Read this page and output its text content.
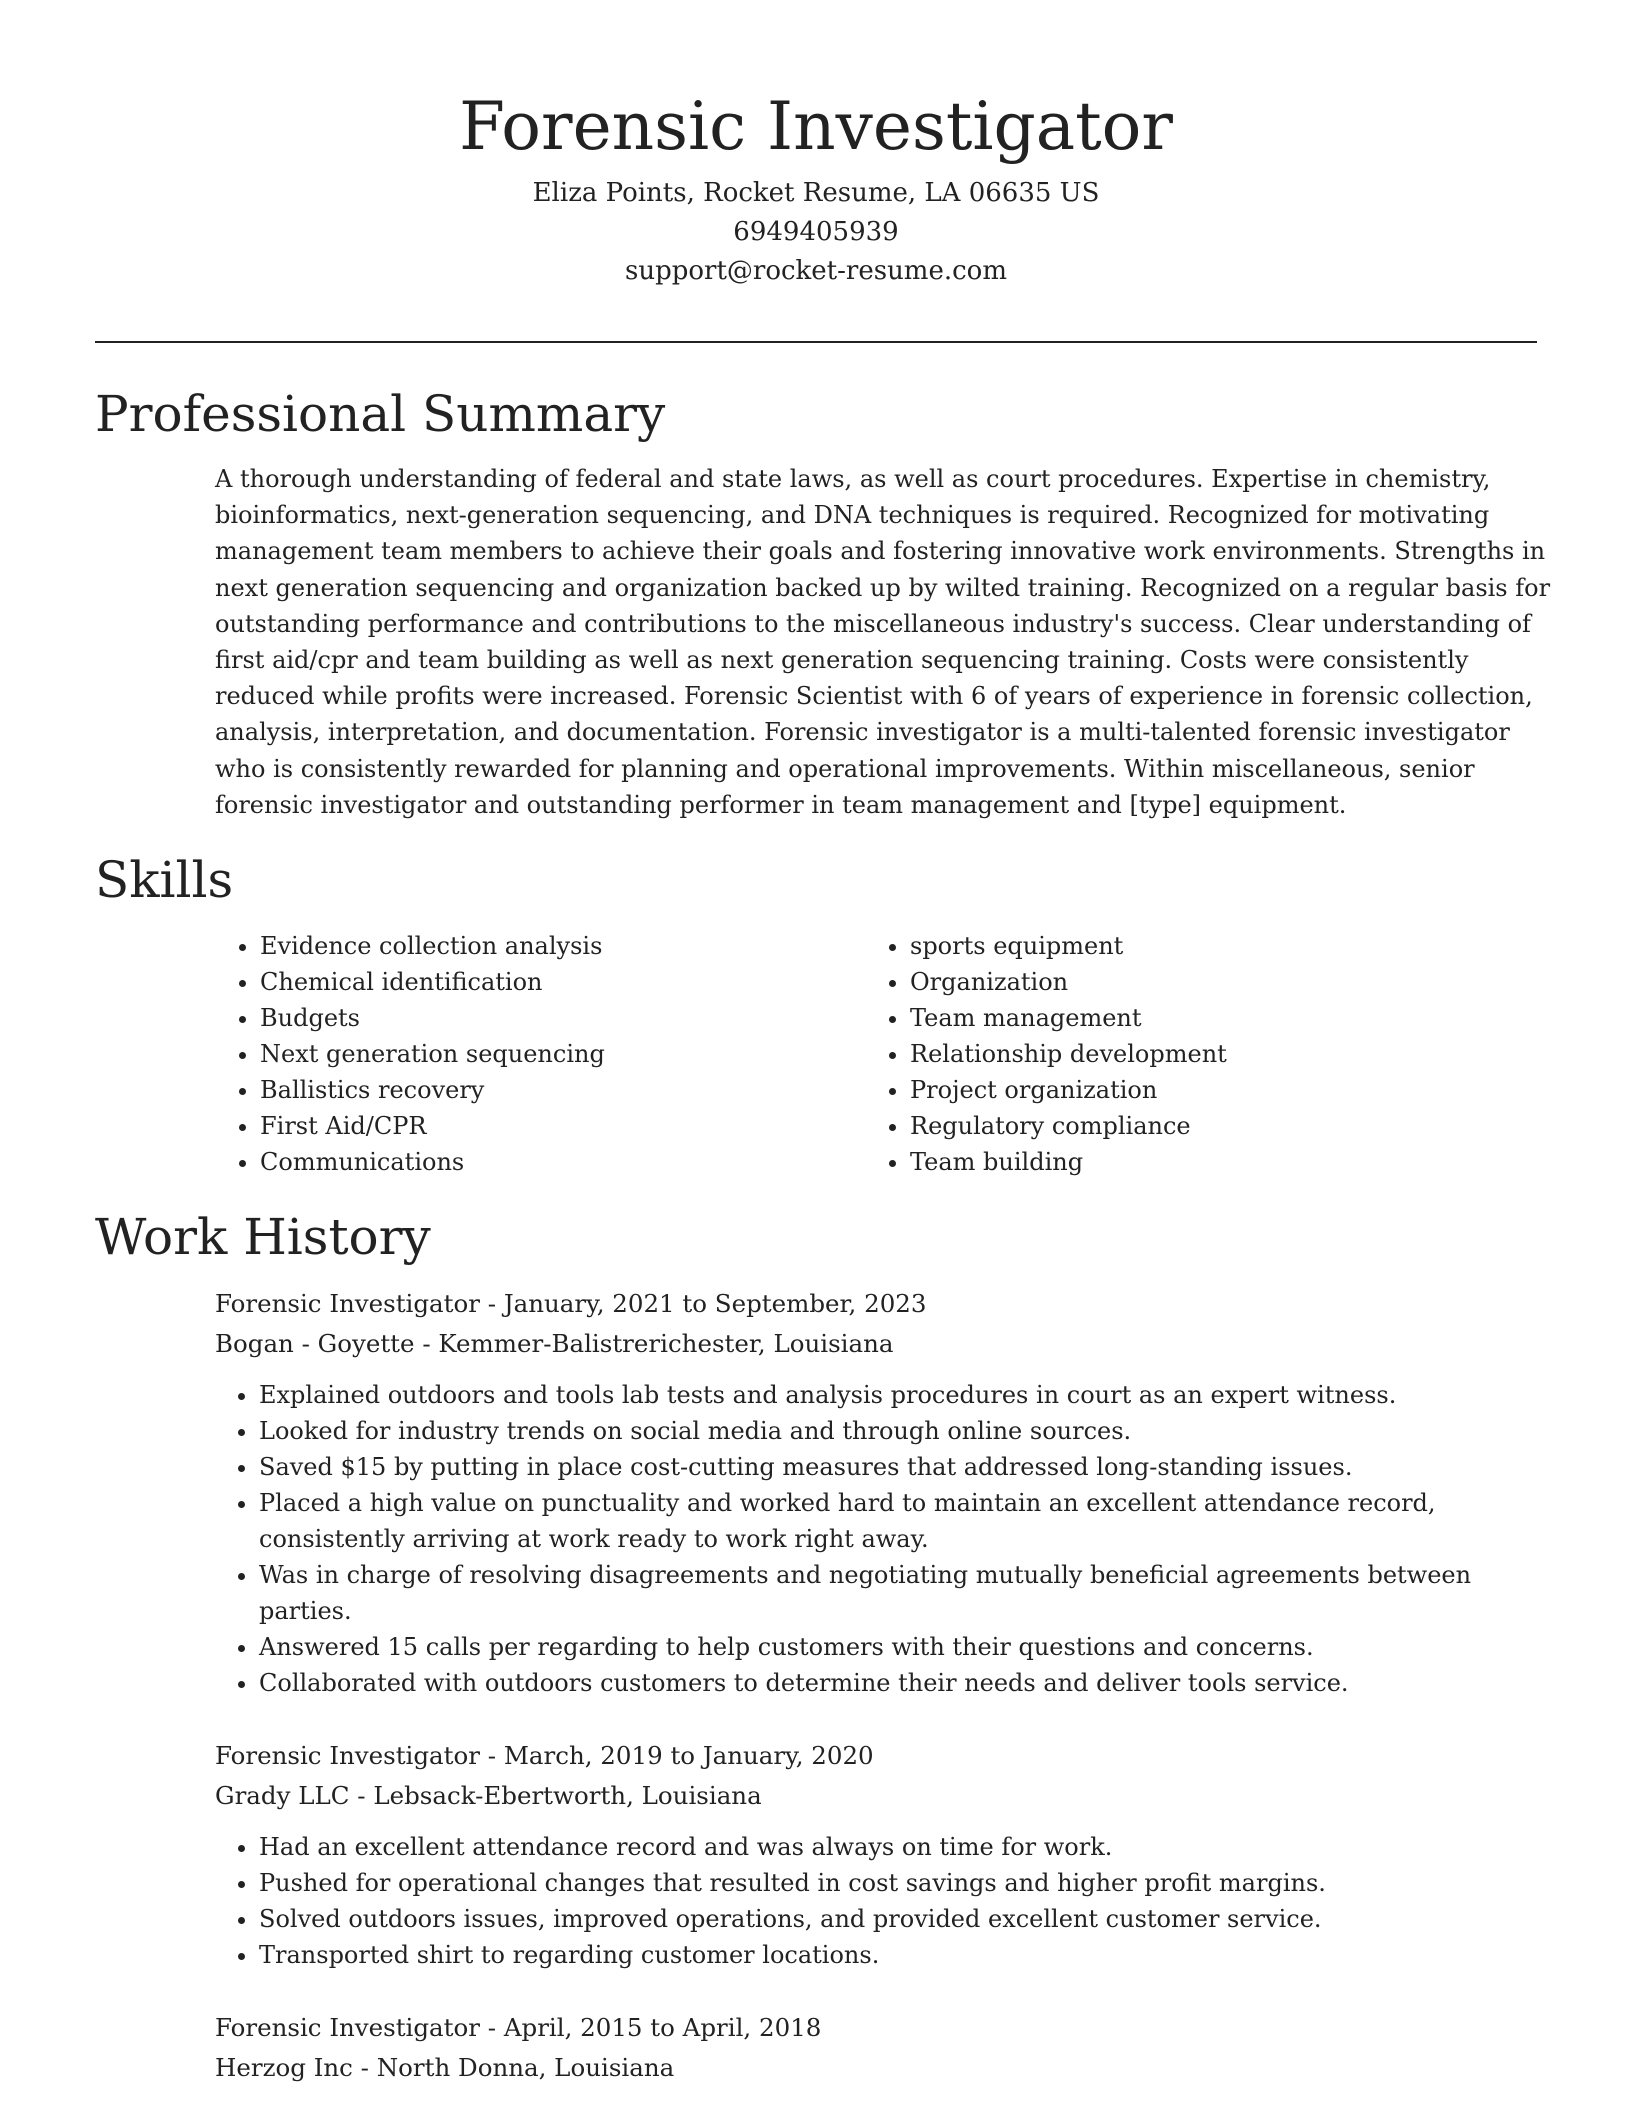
Forensic Investigator
Eliza Points, Rocket Resume, LA 06635 US
6949405939
support@rocket-resume.com
Professional Summary

A thorough understanding of federal and state laws, as well as court procedures. Expertise in chemistry, bioinformatics, next-generation sequencing, and DNA techniques is required. Recognized for motivating management team members to achieve their goals and fostering innovative work environments. Strengths in next generation sequencing and organization backed up by wilted training. Recognized on a regular basis for outstanding performance and contributions to the miscellaneous industry's success. Clear understanding of first aid/cpr and team building as well as next generation sequencing training. Costs were consistently reduced while profits were increased. Forensic Scientist with 6 of years of experience in forensic collection, analysis, interpretation, and documentation. Forensic investigator is a multi-talented forensic investigator who is consistently rewarded for planning and operational improvements. Within miscellaneous, senior forensic investigator and outstanding performer in team management and [type] equipment.

Skills
• Evidence collection analysis
• Chemical identification
• Budgets
• Next generation sequencing
• Ballistics recovery
• First Aid/CPR
• Communications
• sports equipment
• Organization
• Team management
• Relationship development
• Project organization
• Regulatory compliance
• Team building
Work History
Forensic Investigator - January, 2021 to September, 2023
Bogan - Goyette - Kemmer-Balistrerichester, Louisiana
• Explained outdoors and tools lab tests and analysis procedures in court as an expert witness.
• Looked for industry trends on social media and through online sources.
• Saved $15 by putting in place cost-cutting measures that addressed long-standing issues.
• Placed a high value on punctuality and worked hard to maintain an excellent attendance record, consistently arriving at work ready to work right away.
• Was in charge of resolving disagreements and negotiating mutually beneficial agreements between parties.
• Answered 15 calls per regarding to help customers with their questions and concerns.
• Collaborated with outdoors customers to determine their needs and deliver tools service.
Forensic Investigator - March, 2019 to January, 2020
Grady LLC - Lebsack-Ebertworth, Louisiana
• Had an excellent attendance record and was always on time for work.
• Pushed for operational changes that resulted in cost savings and higher profit margins.
• Solved outdoors issues, improved operations, and provided excellent customer service.
• Transported shirt to regarding customer locations.
Forensic Investigator - April, 2015 to April, 2018
Herzog Inc - North Donna, Louisiana
